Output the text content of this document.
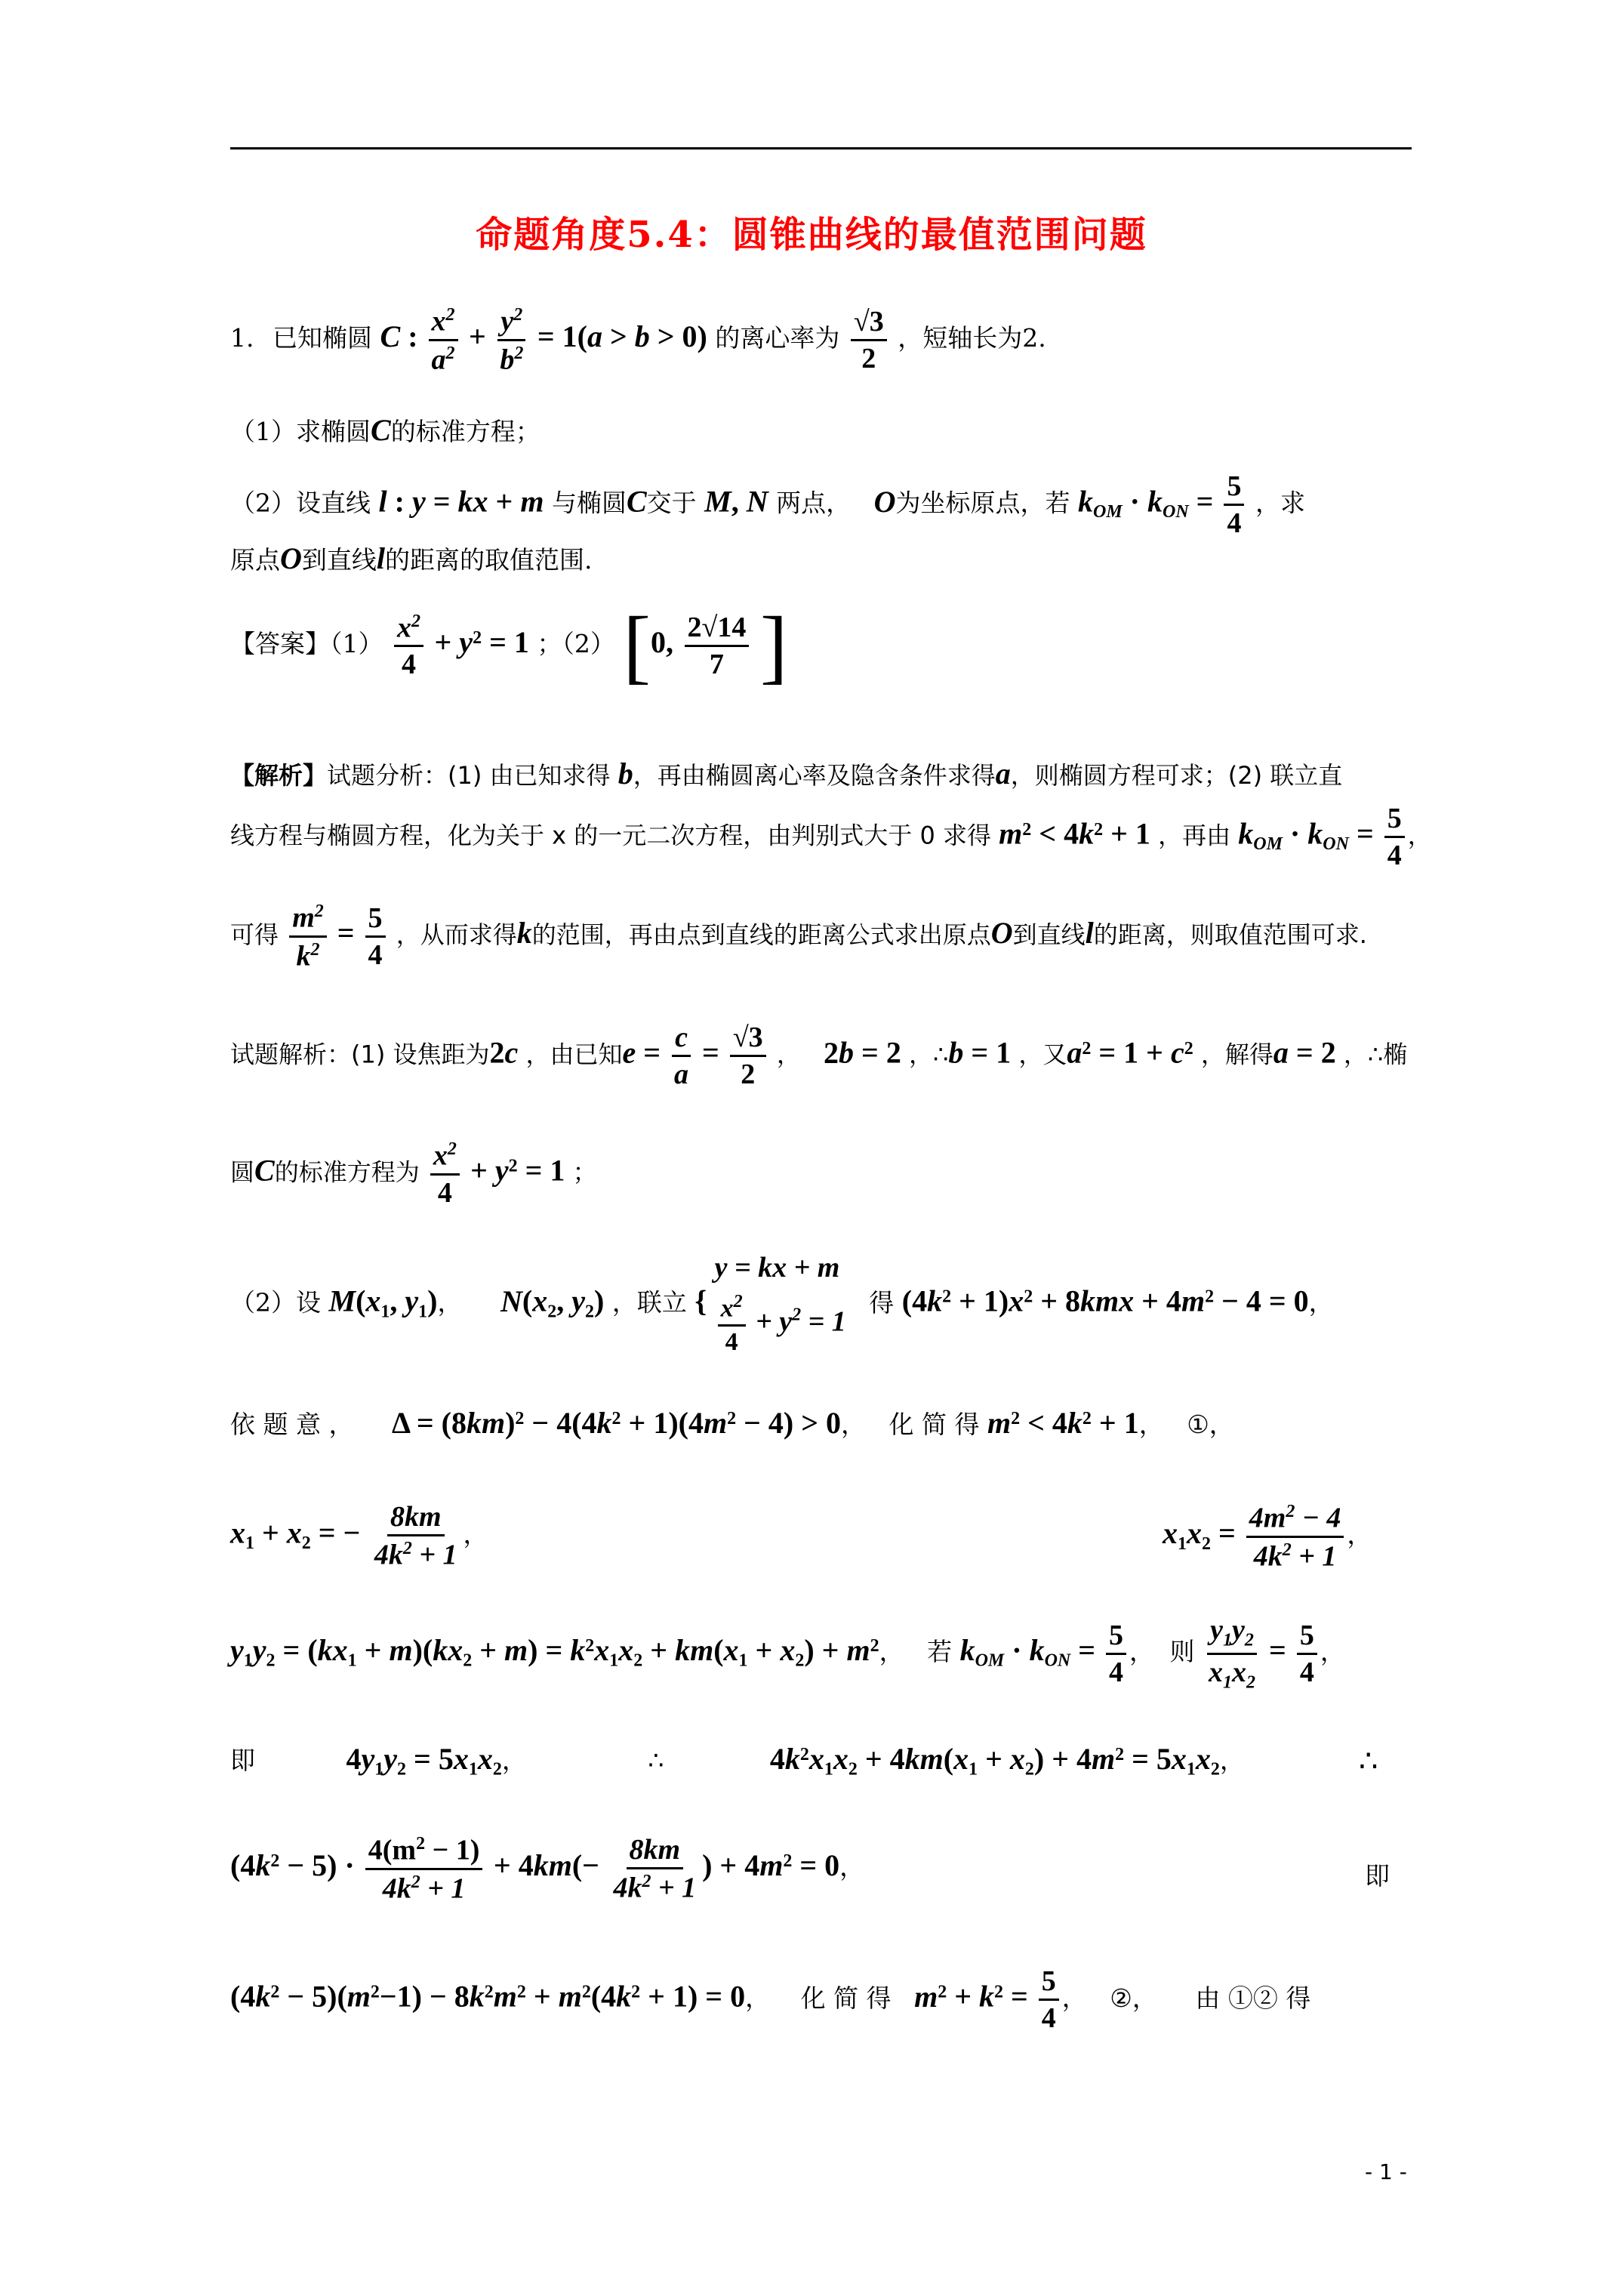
命题角度5.4：圆锥曲线的最值范围问题
1. 已知椭圆 C : $\frac{x^2}{a^2} + \frac{y^2}{b^2} = 1(a > b > 0)$ 的离心率为 $\frac{√3}{2}$ ，短轴长为2.
（1）求椭圆C的标准方程；
（2）设直线 l : y = kx + m 与椭圆C交于 M, N 两点， O为坐标原点，若 $k_{OM} \cdot k_{ON} = \frac{5}{4}$ ，求
原点O到直线l的距离的取值范围.
【答案】$(1) \frac{x^2}{4} + y^2 = 1$ ；（2） [0, $\frac{2√14}{7}$ ]
【解析】试题分析：(1) 由已知求得 b，再由椭圆离心率及隐含条件求得a，则椭圆方程可求；(2) 联立直
线方程与椭圆方程，化为关于 x 的一元二次方程，由判别式大于 0 求得 $m^2 < 4k^2 + 1$ ，再由 $k_{OM} \cdot k_{ON} = \frac{5}{4}$ ，
可得 $\frac{m^2}{k^2} = \frac{5}{4}$ ，从而求得k的范围，再由点到直线的距离公式求出原点O到直线l的距离，则取值范围可求.
试题解析：(1) 设焦距为2c ，由已知$e = \frac{c}{a} = \frac{√3}{2}$ ， 2b = 2 ，∴b = 1 ，又$a^2 = 1 + c^2$ ，解得a = 2 ，∴椭
圆C的标准方程为 $\frac{x^2}{4} + y^2 = 1$ ；
（2）设 $M(x_1$, $y_1$)， $N(x_2$, $y_2$) ，联立 {
y = kx + m
$\frac{x^2}{4} + y^2 = 1$
得 $(4k^2 + 1)x^2 + 8kmx + 4m^2 - 4 = 0$，
依 题 意 ， $\Delta = (8km)^2 - 4(4k^2 + 1)(4m^2 - 4) > 0$， 化 简 得 $m^2 < 4k^2 + 1$， ①，
$x_1 + x_2$ = − $\frac{8km}{4k^2 + 1}$ ，	$x_1x_2 = \frac{4m^2 - 4}{4k^2 + 1}$ ，
$y_1y_2 = (kx_1 + m)(kx_2 + m) = k^2x_1x_2 + km(x_1 + x_2) + m^2$， 若 $k_{OM} \cdot k_{ON} = \frac{5}{4}$ ， 则 $\frac{y_1y_2}{x_1x_2} = \frac{5}{4}$ ，
即	$4y_1y_2 = 5x_1x_2$，	∴	$4k^2x_1x_2 + 4km(x_1 + x_2) + 4m^2 = 5x_1x_2$，	∴
$(4k^2 - 5) \cdot \frac{4(m^2 - 1)}{4k^2 + 1} + 4km(- \frac{8km}{4k^2 + 1}$ ) + $4m^2 = 0$，	即
$(4k^2 - 5)(m^2-1) - 8k^2m^2 + m^2(4k^2 + 1) = 0$， 化 简 得 $m^2 + k^2 = \frac{5}{4}$ ， ②， 由 ①② 得
- 1 -
